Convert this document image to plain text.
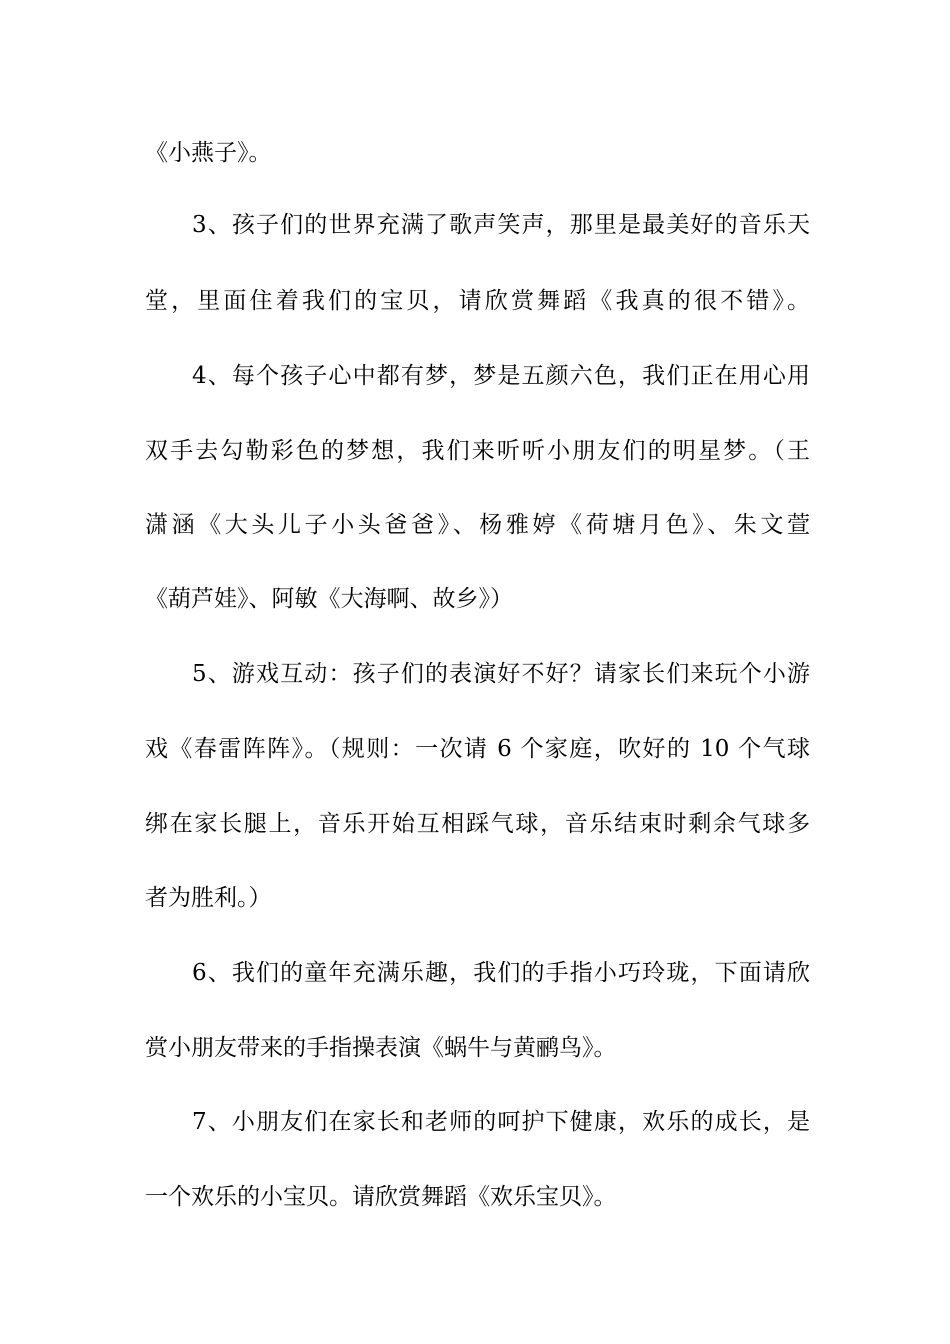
《小燕子》。

3、孩子们的世界充满了歌声笑声，那里是最美好的音乐天

堂，里面住着我们的宝贝，请欣赏舞蹈《我真的很不错》。

4、每个孩子心中都有梦，梦是五颜六色，我们正在用心用

双手去勾勒彩色的梦想，我们来听听小朋友们的明星梦。（王

潇涵《大头儿子小头爸爸》、杨雅婷《荷塘月色》、朱文萱

《葫芦娃》、阿敏《大海啊、故乡》）

5、游戏互动：孩子们的表演好不好？请家长们来玩个小游

戏《春雷阵阵》。（规则：一次请 6 个家庭，吹好的 10 个气球

绑在家长腿上，音乐开始互相踩气球，音乐结束时剩余气球多

者为胜利。）

6、我们的童年充满乐趣，我们的手指小巧玲珑，下面请欣

赏小朋友带来的手指操表演《蜗牛与黄鹂鸟》。

7、小朋友们在家长和老师的呵护下健康，欢乐的成长，是

一个欢乐的小宝贝。请欣赏舞蹈《欢乐宝贝》。
